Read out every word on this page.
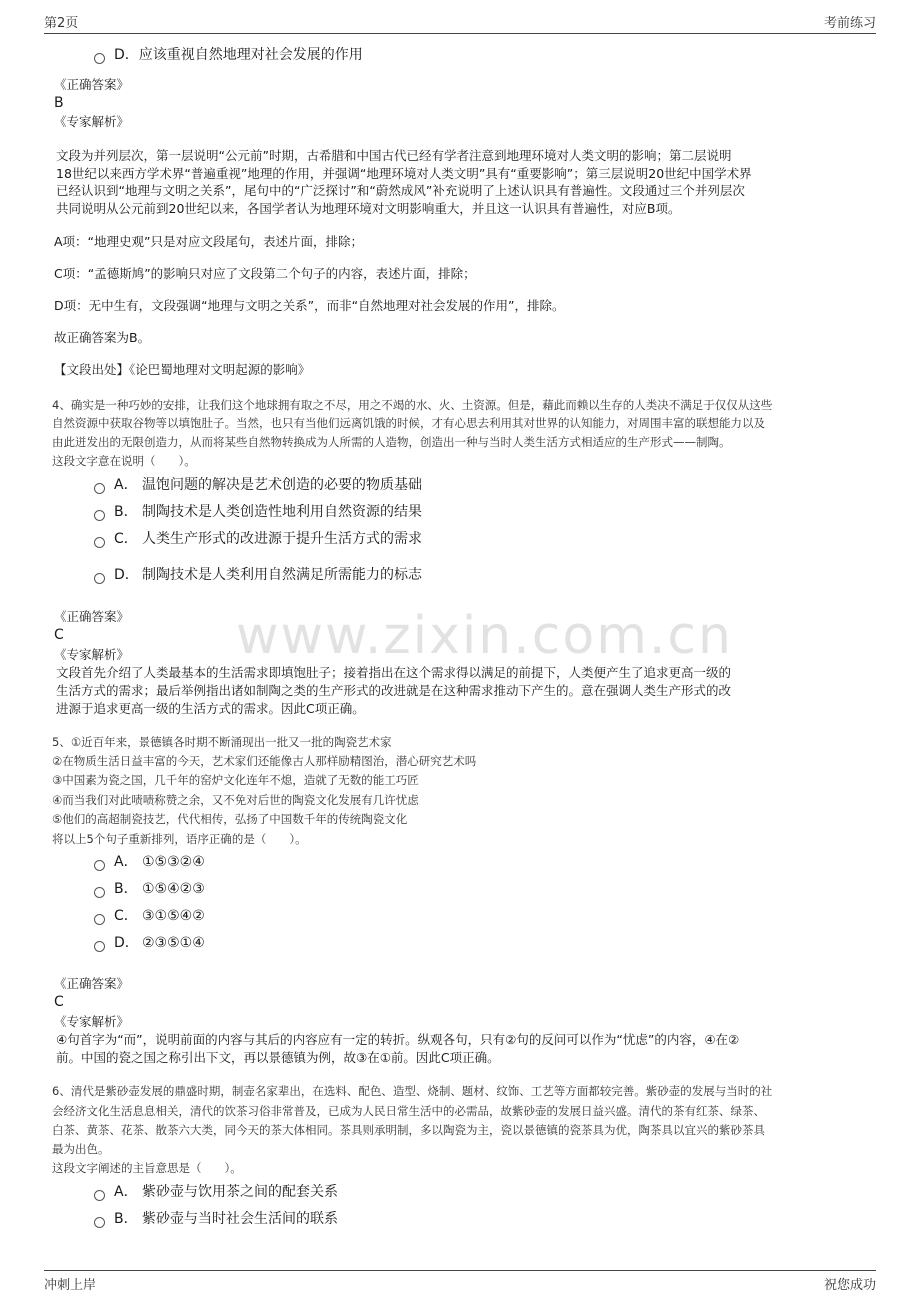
第2页	考前练习
www.zixin.com.cn
D．应该重视自然地理对社会发展的作用
《正确答案》
B
《专家解析》
文段为并列层次，第一层说明“公元前”时期，古希腊和中国古代已经有学者注意到地理环境对人类文明的影响；第二层说明
18世纪以来西方学术界“普遍重视”地理的作用，并强调“地理环境对人类文明”具有“重要影响”；第三层说明20世纪中国学术界
已经认识到“地理与文明之关系”，尾句中的“广泛探讨”和“蔚然成风”补充说明了上述认识具有普遍性。文段通过三个并列层次
共同说明从公元前到20世纪以来，各国学者认为地理环境对文明影响重大，并且这一认识具有普遍性，对应B项。
A项：“地理史观”只是对应文段尾句，表述片面，排除；
C项：“孟德斯鸠”的影响只对应了文段第二个句子的内容，表述片面，排除；
D项：无中生有，文段强调“地理与文明之关系”，而非“自然地理对社会发展的作用”，排除。
故正确答案为B。
【文段出处】《论巴蜀地理对文明起源的影响》
4、确实是一种巧妙的安排，让我们这个地球拥有取之不尽，用之不竭的水、火、土资源。但是，藉此而赖以生存的人类决不满足于仅仅从这些
自然资源中获取谷物等以填饱肚子。当然，也只有当他们远离饥饿的时候，才有心思去利用其对世界的认知能力，对周围丰富的联想能力以及
由此迸发出的无限创造力，从而将某些自然物转换成为人所需的人造物，创造出一种与当时人类生活方式相适应的生产形式——制陶。
这段文字意在说明（　　）。
A． 温饱问题的解决是艺术创造的必要的物质基础
B． 制陶技术是人类创造性地利用自然资源的结果
C． 人类生产形式的改进源于提升生活方式的需求
D． 制陶技术是人类利用自然满足所需能力的标志
《正确答案》
C
《专家解析》
文段首先介绍了人类最基本的生活需求即填饱肚子；接着指出在这个需求得以满足的前提下，人类便产生了追求更高一级的
生活方式的需求；最后举例指出诸如制陶之类的生产形式的改进就是在这种需求推动下产生的。意在强调人类生产形式的改
进源于追求更高一级的生活方式的需求。因此C项正确。
5、①近百年来，景德镇各时期不断涌现出一批又一批的陶瓷艺术家
②在物质生活日益丰富的今天，艺术家们还能像古人那样励精图治，潜心研究艺术吗
③中国素为瓷之国，几千年的窑炉文化连年不熄，造就了无数的能工巧匠
④而当我们对此啧啧称赞之余，又不免对后世的陶瓷文化发展有几许忧虑
⑤他们的高超制瓷技艺，代代相传，弘扬了中国数千年的传统陶瓷文化
将以上5个句子重新排列，语序正确的是（　　）。
A． ①⑤③②④
B． ①⑤④②③
C． ③①⑤④②
D． ②③⑤①④
《正确答案》
C
《专家解析》
④句首字为“而”，说明前面的内容与其后的内容应有一定的转折。纵观各句，只有②句的反问可以作为“忧虑”的内容，④在②
前。中国的瓷之国之称引出下文，再以景德镇为例，故③在①前。因此C项正确。
6、清代是紫砂壶发展的鼎盛时期，制壶名家辈出，在选料、配色、造型、烧制、题材、纹饰、工艺等方面都较完善。紫砂壶的发展与当时的社
会经济文化生活息息相关，清代的饮茶习俗非常普及，已成为人民日常生活中的必需品，故紫砂壶的发展日益兴盛。清代的茶有红茶、绿茶、
白茶、黄茶、花茶、散茶六大类，同今天的茶大体相同。茶具则承明制，多以陶瓷为主，瓷以景德镇的瓷茶具为优，陶茶具以宜兴的紫砂茶具
最为出色。
这段文字阐述的主旨意思是（　　）。
A． 紫砂壶与饮用茶之间的配套关系
B． 紫砂壶与当时社会生活间的联系
冲刺上岸	祝您成功
